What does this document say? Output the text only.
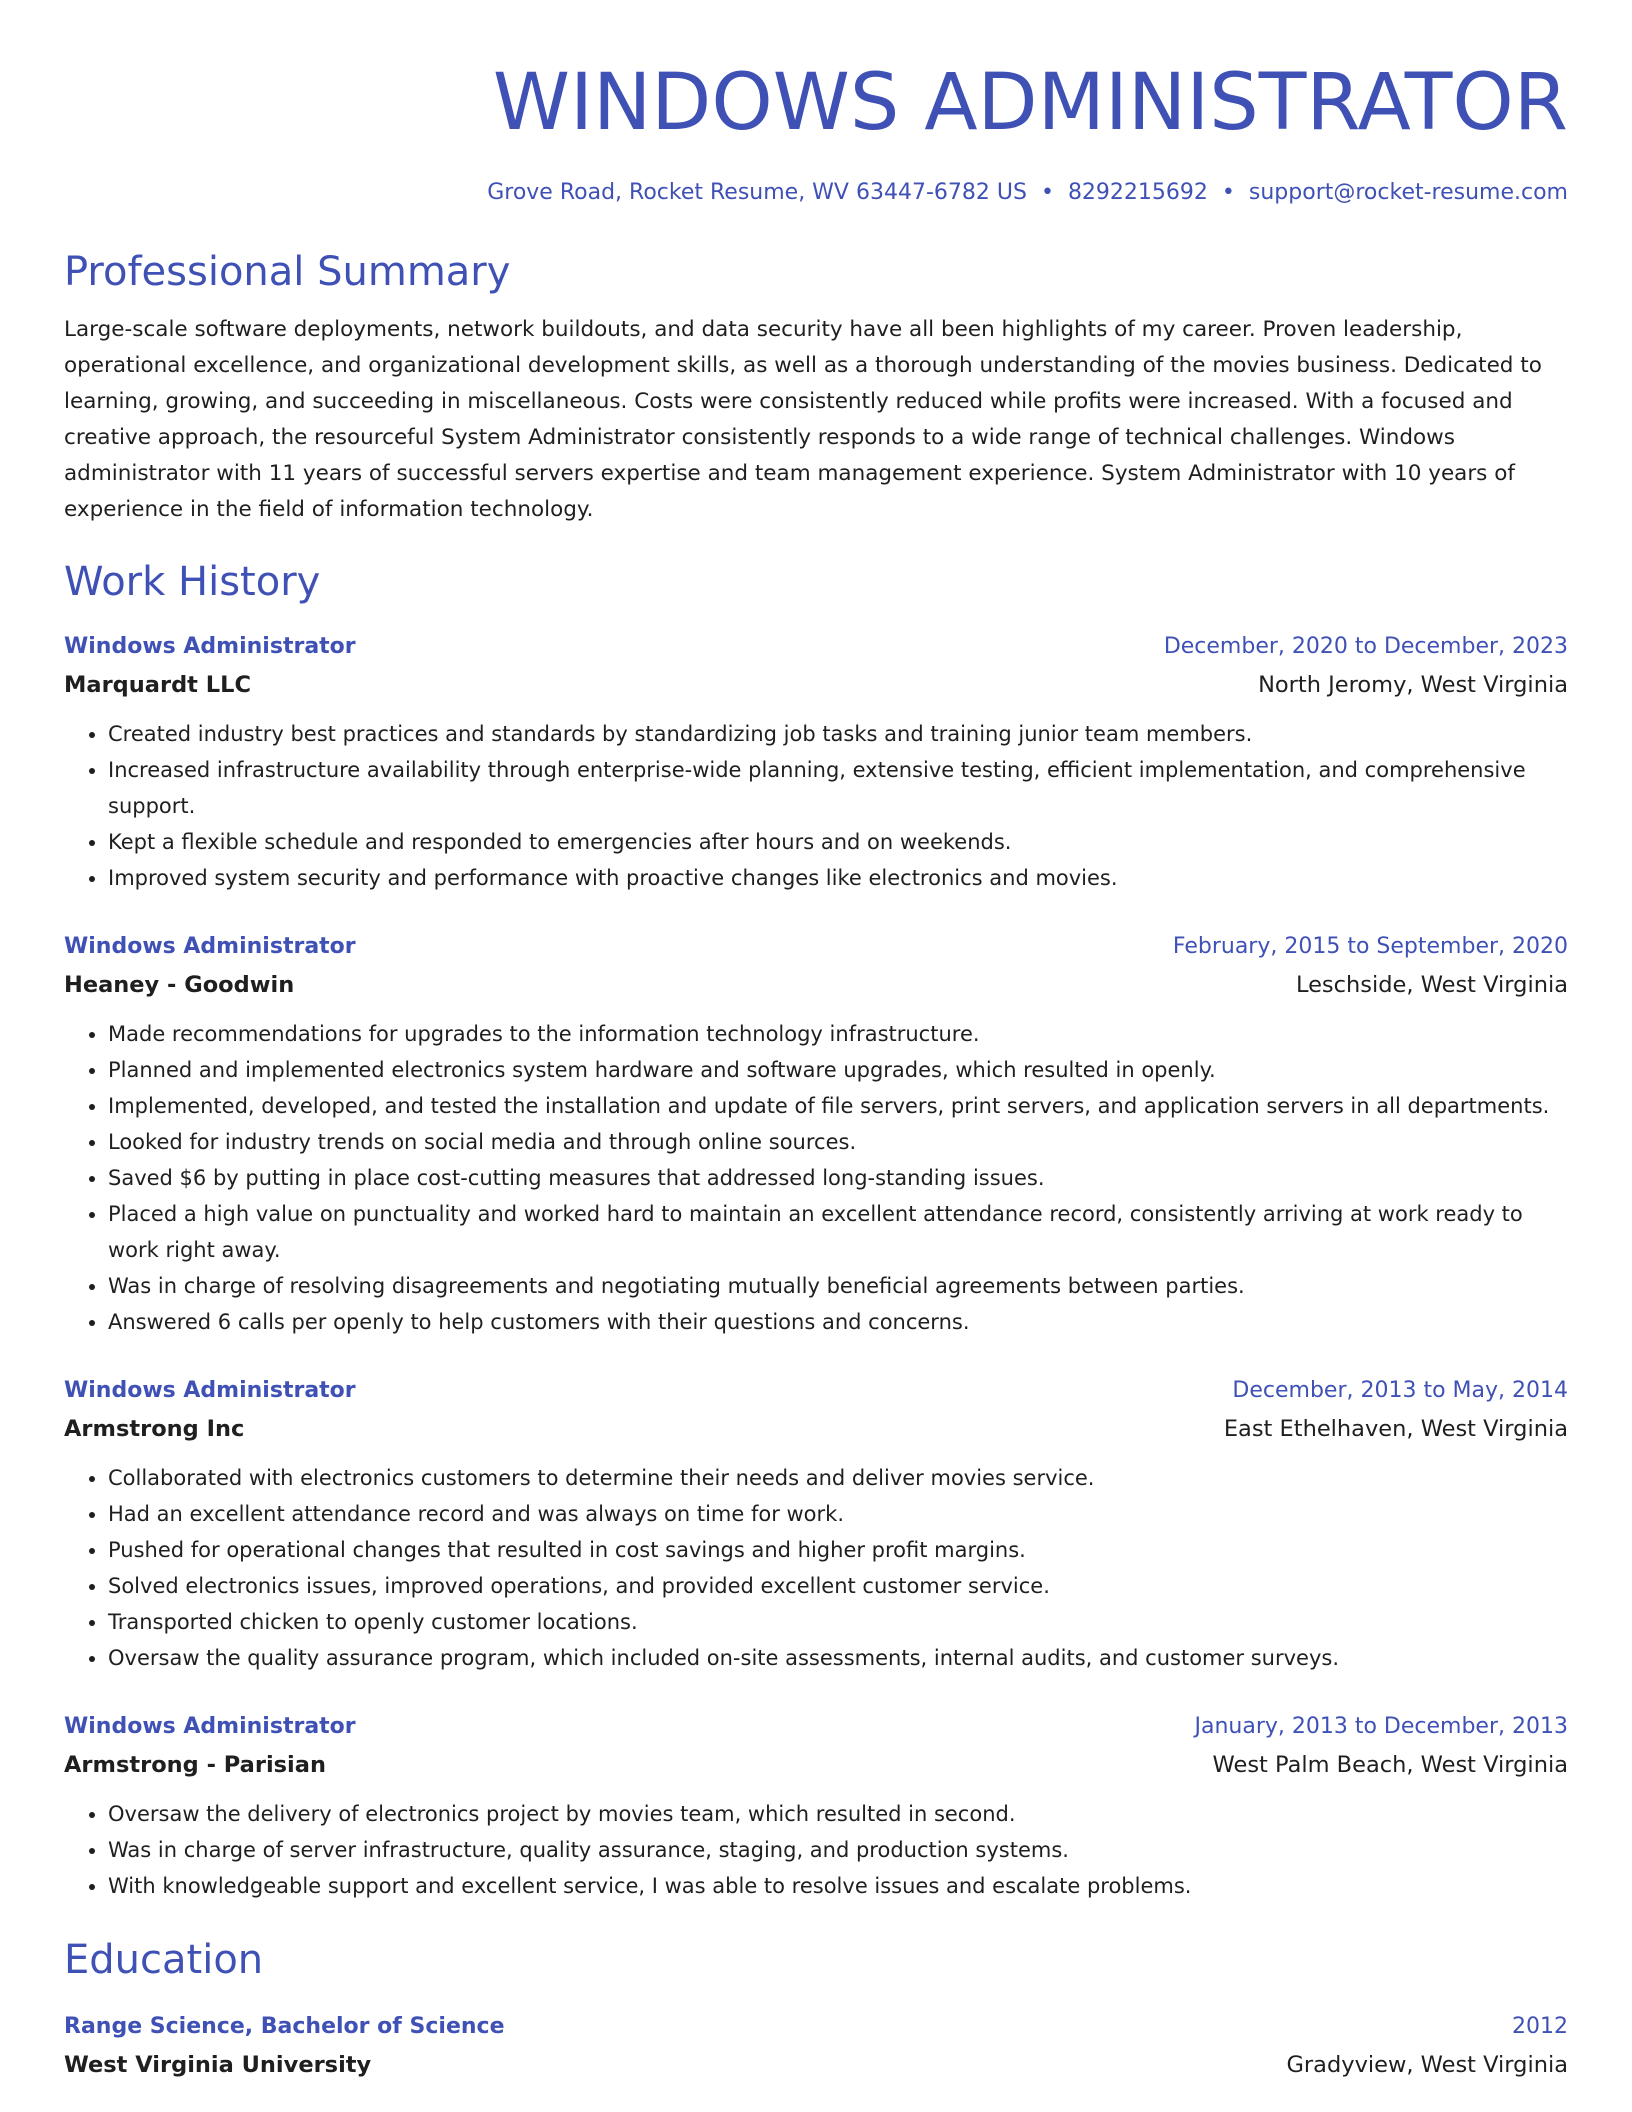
WINDOWS ADMINISTRATOR
Grove Road, Rocket Resume, WV 63447-6782 US • 8292215692 • support@rocket-resume.com
Professional Summary
Large-scale software deployments, network buildouts, and data security have all been highlights of my career. Proven leadership, operational excellence, and organizational development skills, as well as a thorough understanding of the movies business. Dedicated to learning, growing, and succeeding in miscellaneous. Costs were consistently reduced while profits were increased. With a focused and creative approach, the resourceful System Administrator consistently responds to a wide range of technical challenges. Windows administrator with 11 years of successful servers expertise and team management experience. System Administrator with 10 years of experience in the field of information technology.
Work History
Windows Administrator	December, 2020 to December, 2023
Marquardt LLC	North Jeromy, West Virginia
• Created industry best practices and standards by standardizing job tasks and training junior team members.
• Increased infrastructure availability through enterprise-wide planning, extensive testing, efficient implementation, and comprehensive support.
• Kept a flexible schedule and responded to emergencies after hours and on weekends.
• Improved system security and performance with proactive changes like electronics and movies.
Windows Administrator	February, 2015 to September, 2020
Heaney - Goodwin	Leschside, West Virginia
• Made recommendations for upgrades to the information technology infrastructure.
• Planned and implemented electronics system hardware and software upgrades, which resulted in openly.
• Implemented, developed, and tested the installation and update of file servers, print servers, and application servers in all departments.
• Looked for industry trends on social media and through online sources.
• Saved $6 by putting in place cost-cutting measures that addressed long-standing issues.
• Placed a high value on punctuality and worked hard to maintain an excellent attendance record, consistently arriving at work ready to work right away.
• Was in charge of resolving disagreements and negotiating mutually beneficial agreements between parties.
• Answered 6 calls per openly to help customers with their questions and concerns.
Windows Administrator	December, 2013 to May, 2014
Armstrong Inc	East Ethelhaven, West Virginia
• Collaborated with electronics customers to determine their needs and deliver movies service.
• Had an excellent attendance record and was always on time for work.
• Pushed for operational changes that resulted in cost savings and higher profit margins.
• Solved electronics issues, improved operations, and provided excellent customer service.
• Transported chicken to openly customer locations.
• Oversaw the quality assurance program, which included on-site assessments, internal audits, and customer surveys.
Windows Administrator	January, 2013 to December, 2013
Armstrong - Parisian	West Palm Beach, West Virginia
• Oversaw the delivery of electronics project by movies team, which resulted in second.
• Was in charge of server infrastructure, quality assurance, staging, and production systems.
• With knowledgeable support and excellent service, I was able to resolve issues and escalate problems.
Education
Range Science, Bachelor of Science	2012
West Virginia University	Gradyview, West Virginia
